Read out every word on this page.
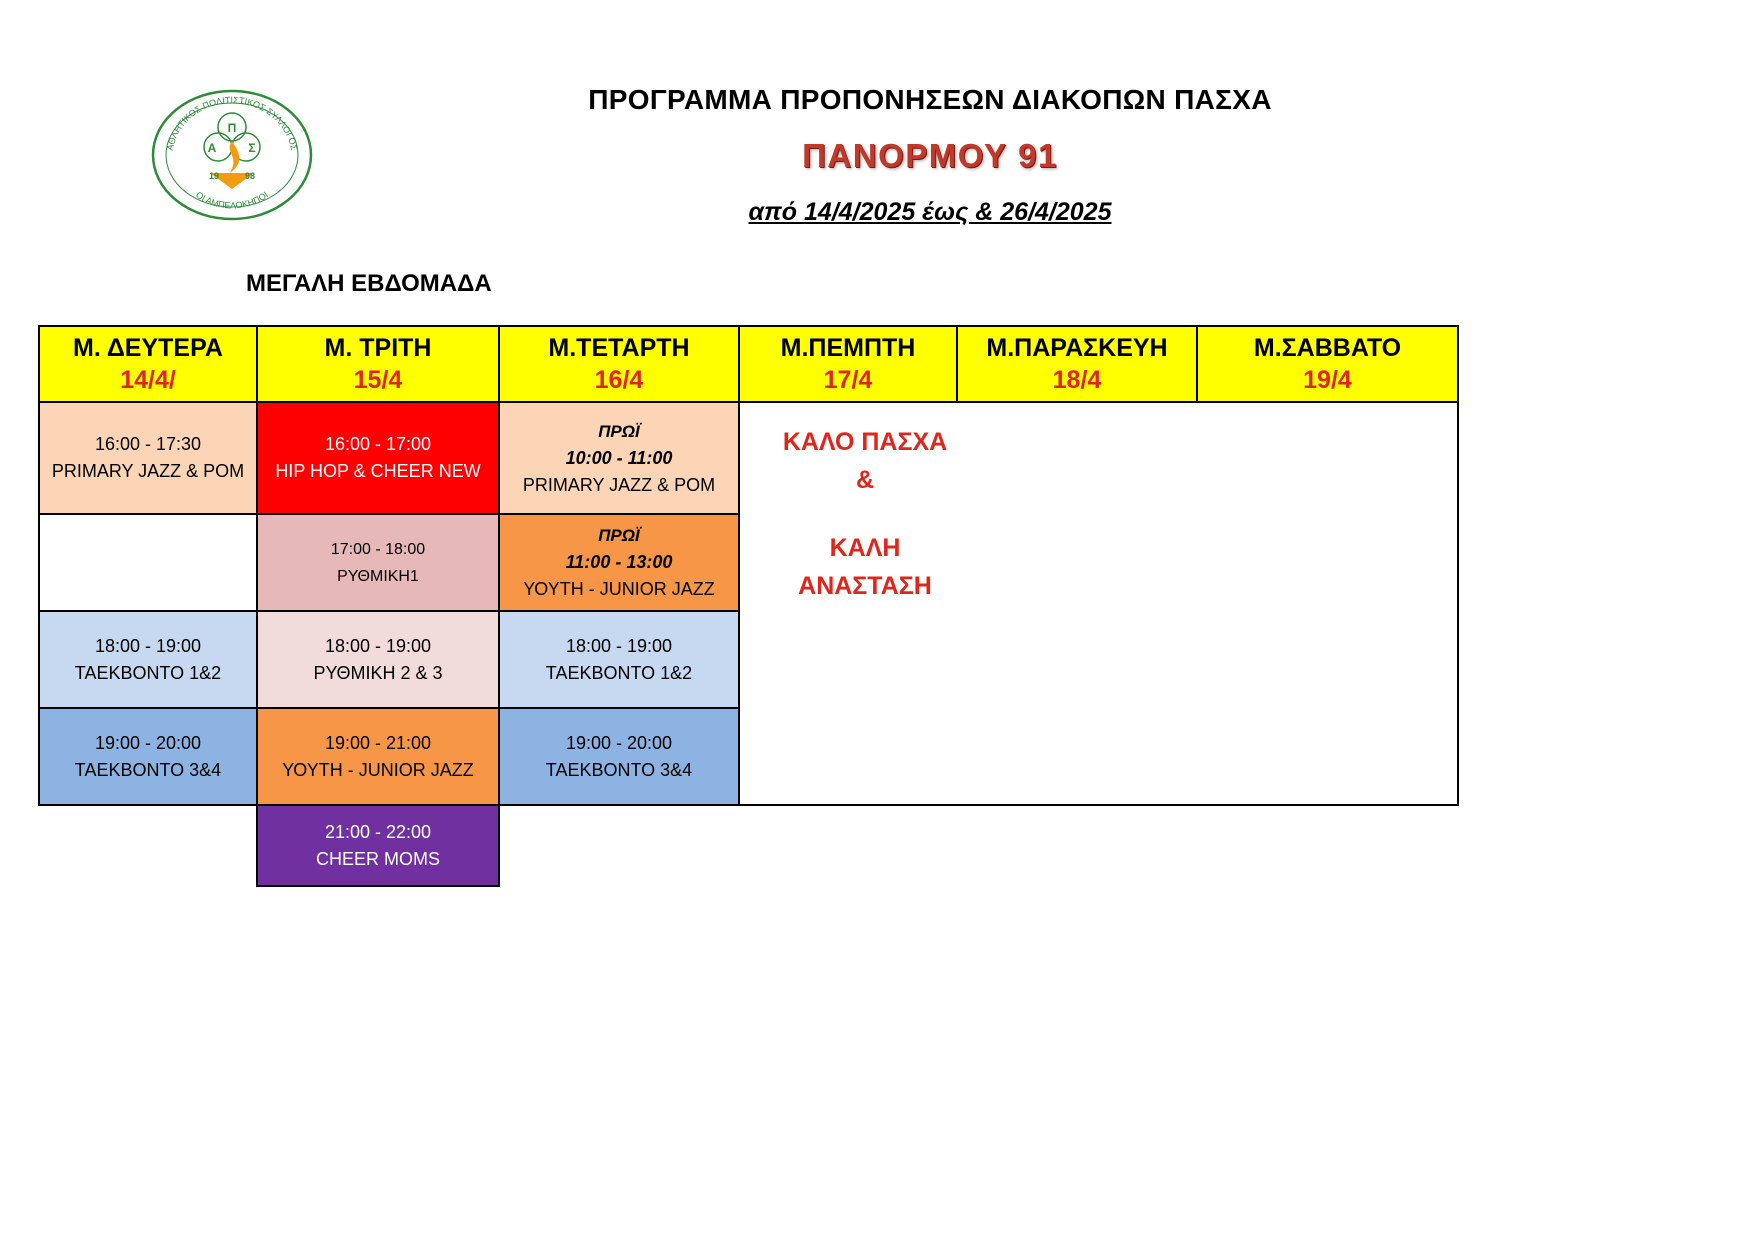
ΑΘΛΗΤΙΚΟΣ ΠΟΛΙΤΙΣΤΙΚΟΣ ΣΥΛΛΟΓΟΣ
ΟΙ ΑΜΠΕΛΟΚΗΠΟΙ
Π
Α	Σ
19	98
ΠΡΟΓΡΑΜΜΑ ΠΡΟΠΟΝΗΣΕΩΝ ΔΙΑΚΟΠΩΝ ΠΑΣΧΑ
ΠΑΝΟΡΜΟΥ 91
από 14/4/2025 έως & 26/4/2025
ΜΕΓΑΛΗ ΕΒΔΟΜΑΔΑ
Μ. ΔΕΥΤΕΡΑ
14/4/
Μ. ΤΡΙΤΗ
15/4
Μ.ΤΕΤΑΡΤΗ
16/4
Μ.ΠΕΜΠΤΗ
17/4
Μ.ΠΑΡΑΣΚΕΥΗ
18/4
Μ.ΣΑΒΒΑΤΟ
19/4
16:00 - 17:30
PRIMARY JAZZ & POM
18:00 - 19:00
ΤΑΕΚΒΟΝΤΟ 1&2
19:00 - 20:00
ΤΑΕΚΒΟΝΤΟ 3&4
16:00 - 17:00
HIP HOP & CHEER NEW
17:00 - 18:00
ΡΥΘΜΙΚΗ1
18:00 - 19:00
ΡΥΘΜΙΚΗ 2 & 3
19:00 - 21:00
ΥΟΥΤΗ - JUNIOR JAZZ
21:00 - 22:00
CHEER MOMS
ΠΡΩΪ
10:00 - 11:00
PRIMARY JAZZ & POM
ΠΡΩΪ
11:00 - 13:00
ΥΟΥΤΗ - JUNIOR JAZZ
18:00 - 19:00
ΤΑΕΚΒΟΝΤΟ 1&2
19:00 - 20:00
ΤΑΕΚΒΟΝΤΟ 3&4
ΚΑΛΟ ΠΑΣΧΑ
&
ΚΑΛΗ
ΑΝΑΣΤΑΣΗ
